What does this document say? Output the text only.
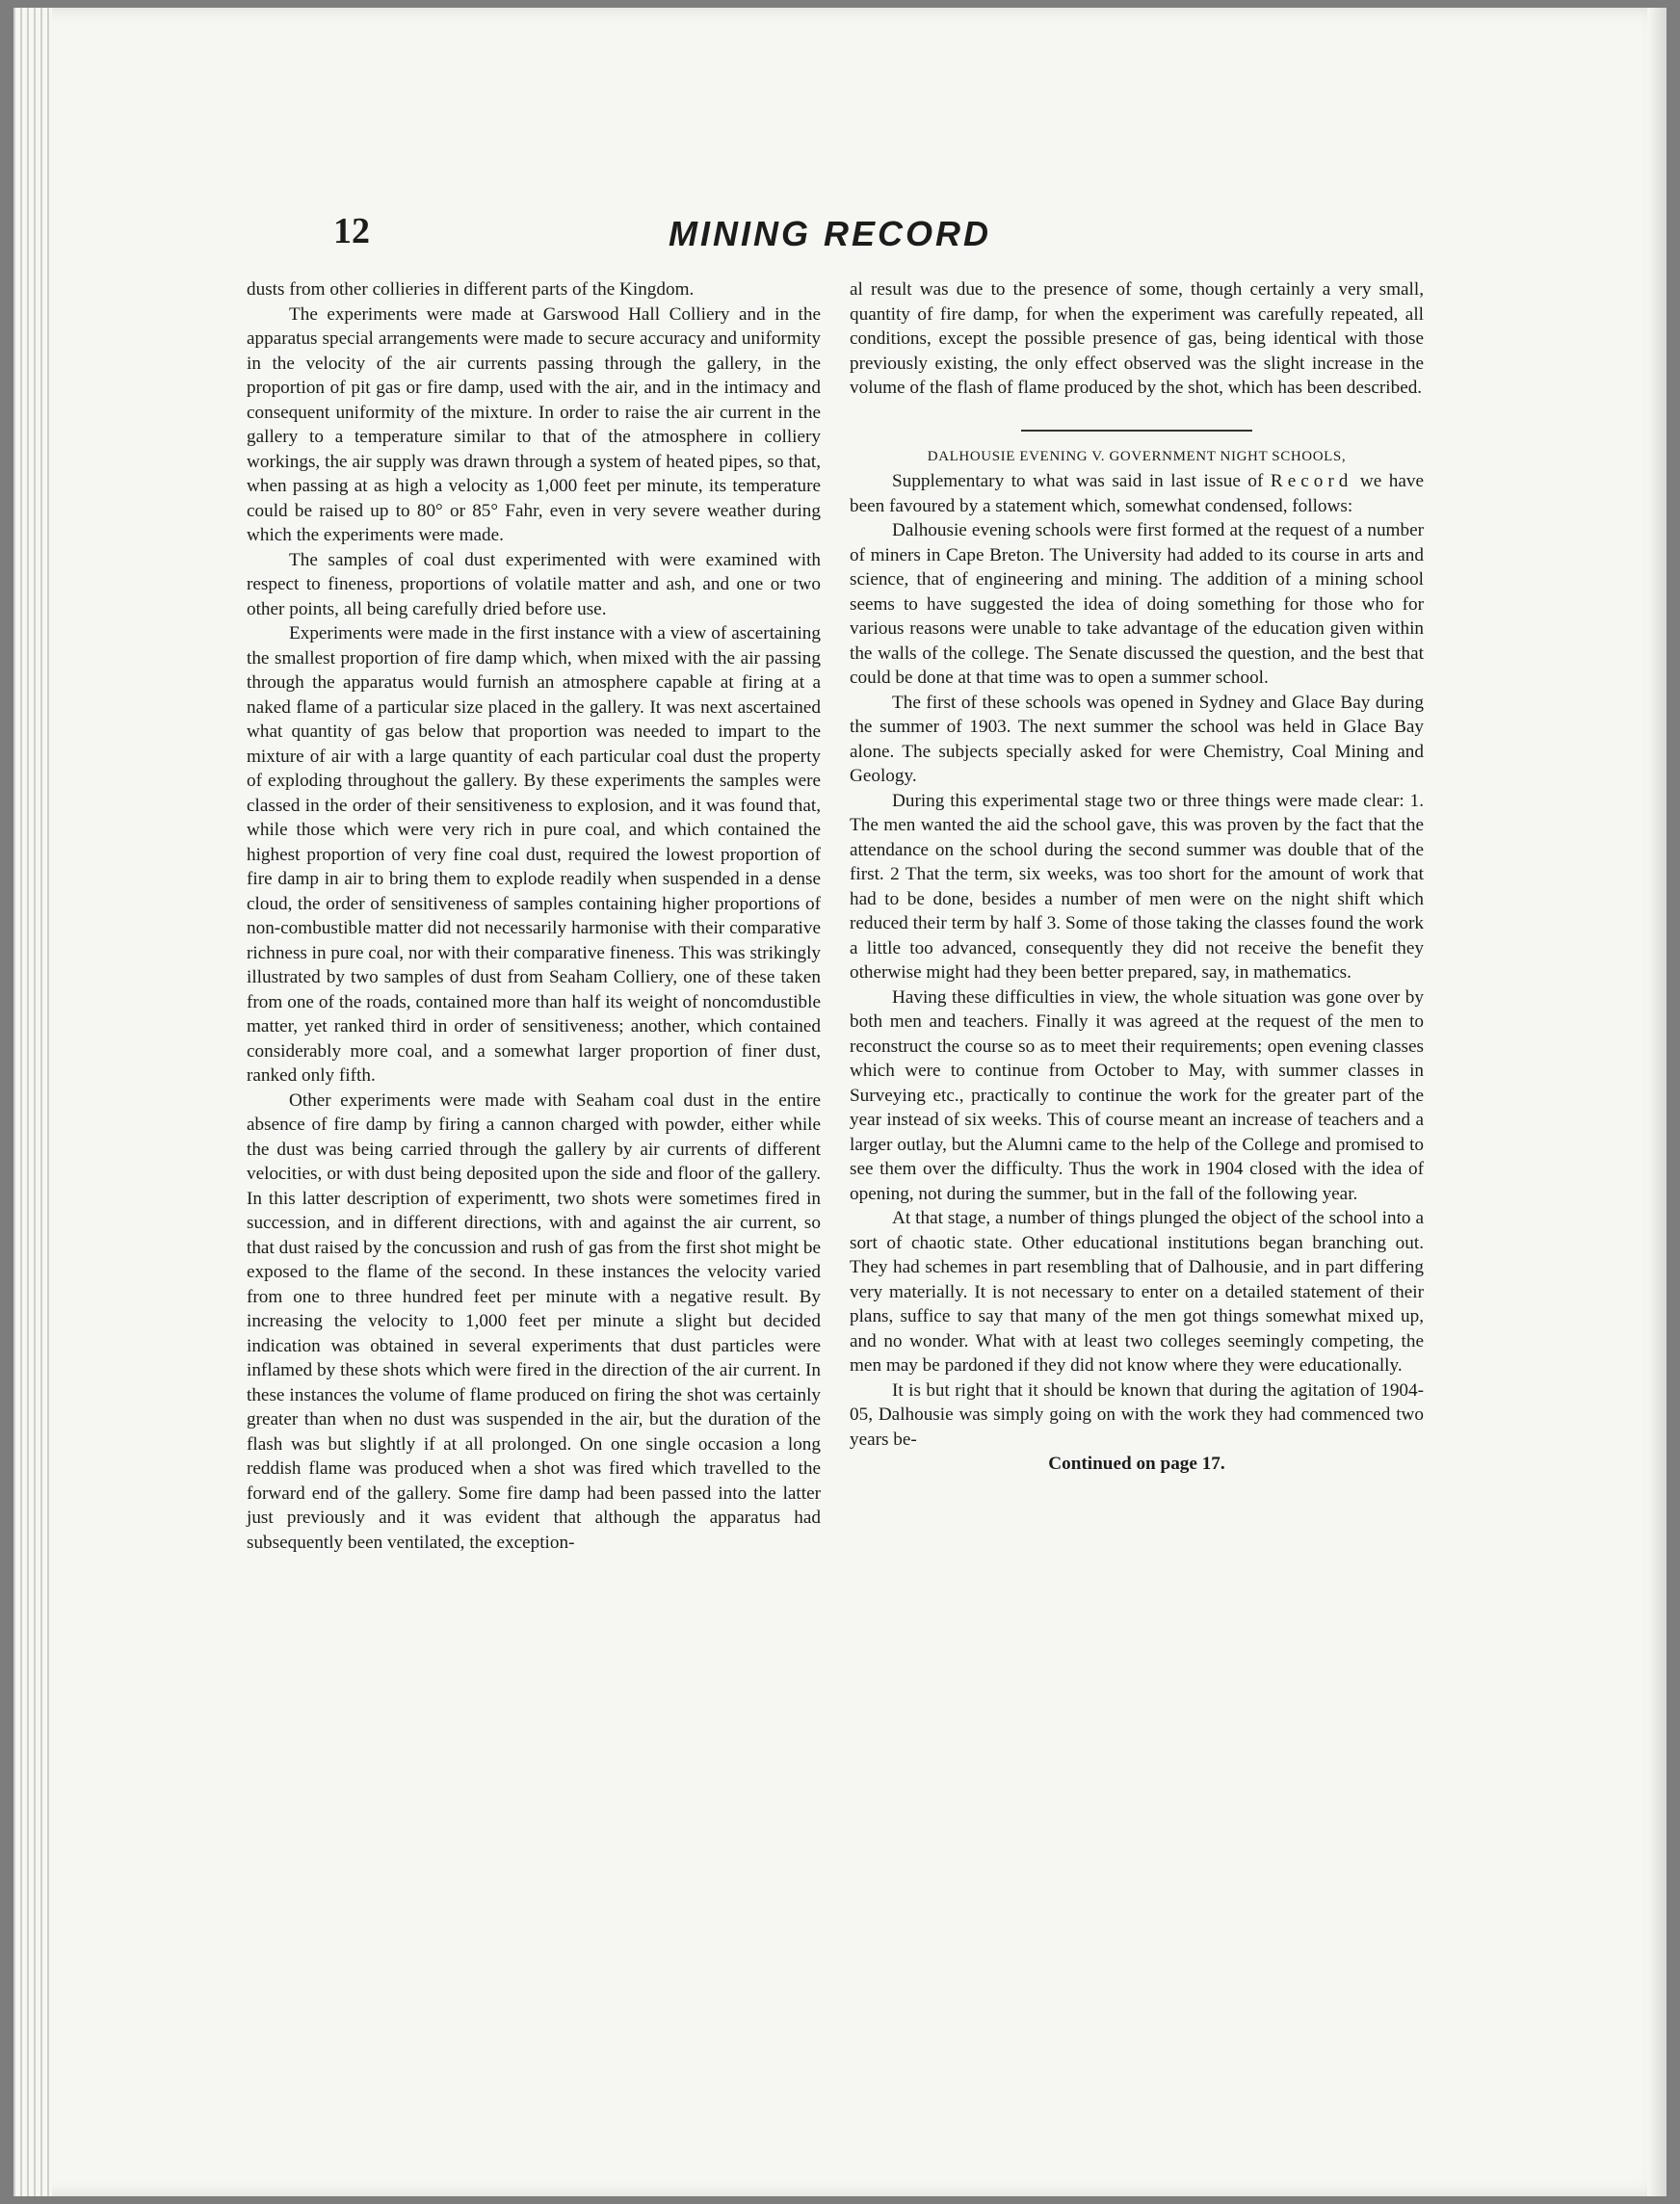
12	MINING RECORD

dusts from other collieries in different parts of the Kingdom.

The experiments were made at Garswood Hall Colliery and in the apparatus special arrangements were made to secure accuracy and uniformity in the velocity of the air currents passing through the gallery, in the proportion of pit gas or fire damp, used with the air, and in the intimacy and consequent uniformity of the mixture. In order to raise the air current in the gallery to a temperature similar to that of the atmosphere in colliery workings, the air supply was drawn through a system of heated pipes, so that, when passing at as high a velocity as 1,000 feet per minute, its temperature could be raised up to 80° or 85° Fahr, even in very severe weather during which the experiments were made.

The samples of coal dust experimented with were examined with respect to fineness, proportions of volatile matter and ash, and one or two other points, all being carefully dried before use.

Experiments were made in the first instance with a view of ascertaining the smallest proportion of fire damp which, when mixed with the air passing through the apparatus would furnish an atmosphere capable at firing at a naked flame of a particular size placed in the gallery. It was next ascertained what quantity of gas below that proportion was needed to impart to the mixture of air with a large quantity of each particular coal dust the property of exploding throughout the gallery. By these experiments the samples were classed in the order of their sensitiveness to explosion, and it was found that, while those which were very rich in pure coal, and which contained the highest proportion of very fine coal dust, required the lowest proportion of fire damp in air to bring them to explode readily when suspended in a dense cloud, the order of sensitiveness of samples containing higher proportions of non-combustible matter did not necessarily harmonise with their comparative richness in pure coal, nor with their comparative fineness. This was strikingly illustrated by two samples of dust from Seaham Colliery, one of these taken from one of the roads, contained more than half its weight of noncomdustible matter, yet ranked third in order of sensitiveness; another, which contained considerably more coal, and a somewhat larger proportion of finer dust, ranked only fifth.

Other experiments were made with Seaham coal dust in the entire absence of fire damp by firing a cannon charged with powder, either while the dust was being carried through the gallery by air currents of different velocities, or with dust being deposited upon the side and floor of the gallery. In this latter description of experimentt, two shots were sometimes fired in succession, and in different directions, with and against the air current, so that dust raised by the concussion and rush of gas from the first shot might be exposed to the flame of the second. In these instances the velocity varied from one to three hundred feet per minute with a negative result. By increasing the velocity to 1,000 feet per minute a slight but decided indication was obtained in several experiments that dust particles were inflamed by these shots which were fired in the direction of the air current. In these instances the volume of flame produced on firing the shot was certainly greater than when no dust was suspended in the air, but the duration of the flash was but slightly if at all prolonged. On one single occasion a long reddish flame was produced when a shot was fired which travelled to the forward end of the gallery. Some fire damp had been passed into the latter just previously and it was evident that although the apparatus had subsequently been ventilated, the exception-

al result was due to the presence of some, though certainly a very small, quantity of fire damp, for when the experiment was carefully repeated, all conditions, except the possible presence of gas, being identical with those previously existing, the only effect observed was the slight increase in the volume of the flash of flame produced by the shot, which has been described.

DALHOUSIE EVENING V. GOVERNMENT NIGHT SCHOOLS,

Supplementary to what was said in last issue of Record we have been favoured by a statement which, somewhat condensed, follows:

Dalhousie evening schools were first formed at the request of a number of miners in Cape Breton. The University had added to its course in arts and science, that of engineering and mining. The addition of a mining school seems to have suggested the idea of doing something for those who for various reasons were unable to take advantage of the education given within the walls of the college. The Senate discussed the question, and the best that could be done at that time was to open a summer school.

The first of these schools was opened in Sydney and Glace Bay during the summer of 1903. The next summer the school was held in Glace Bay alone. The subjects specially asked for were Chemistry, Coal Mining and Geology.

During this experimental stage two or three things were made clear: 1. The men wanted the aid the school gave, this was proven by the fact that the attendance on the school during the second summer was double that of the first. 2 That the term, six weeks, was too short for the amount of work that had to be done, besides a number of men were on the night shift which reduced their term by half 3. Some of those taking the classes found the work a little too advanced, consequently they did not receive the benefit they otherwise might had they been better prepared, say, in mathematics.

Having these difficulties in view, the whole situation was gone over by both men and teachers. Finally it was agreed at the request of the men to reconstruct the course so as to meet their requirements; open evening classes which were to continue from October to May, with summer classes in Surveying etc., practically to continue the work for the greater part of the year instead of six weeks. This of course meant an increase of teachers and a larger outlay, but the Alumni came to the help of the College and promised to see them over the difficulty. Thus the work in 1904 closed with the idea of opening, not during the summer, but in the fall of the following year.

At that stage, a number of things plunged the object of the school into a sort of chaotic state. Other educational institutions began branching out. They had schemes in part resembling that of Dalhousie, and in part differing very materially. It is not necessary to enter on a detailed statement of their plans, suffice to say that many of the men got things somewhat mixed up, and no wonder. What with at least two colleges seemingly competing, the men may be pardoned if they did not know where they were educationally.

It is but right that it should be known that during the agitation of 1904-05, Dalhousie was simply going on with the work they had commenced two years be-

Continued on page 17.
